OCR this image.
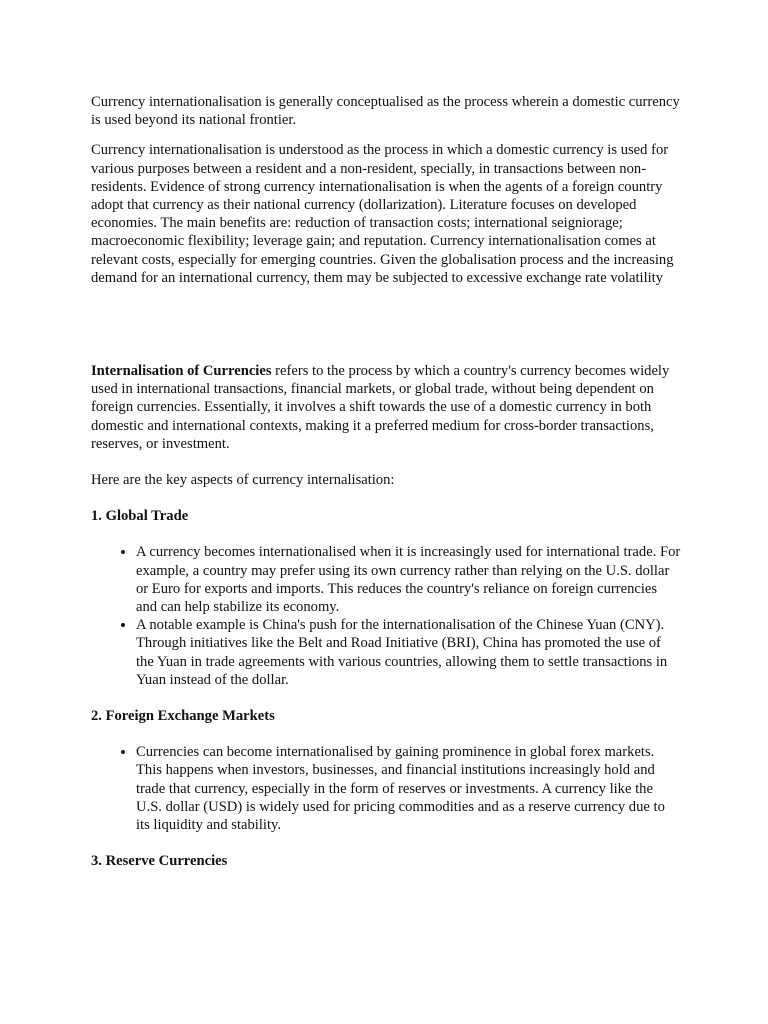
Currency internationalisation is generally conceptualised as the process wherein a domestic currency is used beyond its national frontier.

Currency internationalisation is understood as the process in which a domestic currency is used for various purposes between a resident and a non-resident, specially, in transactions between non-residents. Evidence of strong currency internationalisation is when the agents of a foreign country adopt that currency as their national currency (dollarization). Literature focuses on developed economies. The main benefits are: reduction of transaction costs; international seigniorage; macroeconomic flexibility; leverage gain; and reputation. Currency internationalisation comes at relevant costs, especially for emerging countries. Given the globalisation process and the increasing demand for an international currency, them may be subjected to excessive exchange rate volatility

Internalisation of Currencies refers to the process by which a country's currency becomes widely used in international transactions, financial markets, or global trade, without being dependent on foreign currencies. Essentially, it involves a shift towards the use of a domestic currency in both domestic and international contexts, making it a preferred medium for cross-border transactions, reserves, or investment.

Here are the key aspects of currency internalisation:

1. Global Trade
• A currency becomes internationalised when it is increasingly used for international trade. For example, a country may prefer using its own currency rather than relying on the U.S. dollar or Euro for exports and imports. This reduces the country's reliance on foreign currencies and can help stabilize its economy.
• A notable example is China's push for the internationalisation of the Chinese Yuan (CNY). Through initiatives like the Belt and Road Initiative (BRI), China has promoted the use of the Yuan in trade agreements with various countries, allowing them to settle transactions in Yuan instead of the dollar.
2. Foreign Exchange Markets
• Currencies can become internationalised by gaining prominence in global forex markets. This happens when investors, businesses, and financial institutions increasingly hold and trade that currency, especially in the form of reserves or investments. A currency like the U.S. dollar (USD) is widely used for pricing commodities and as a reserve currency due to its liquidity and stability.
3. Reserve Currencies
